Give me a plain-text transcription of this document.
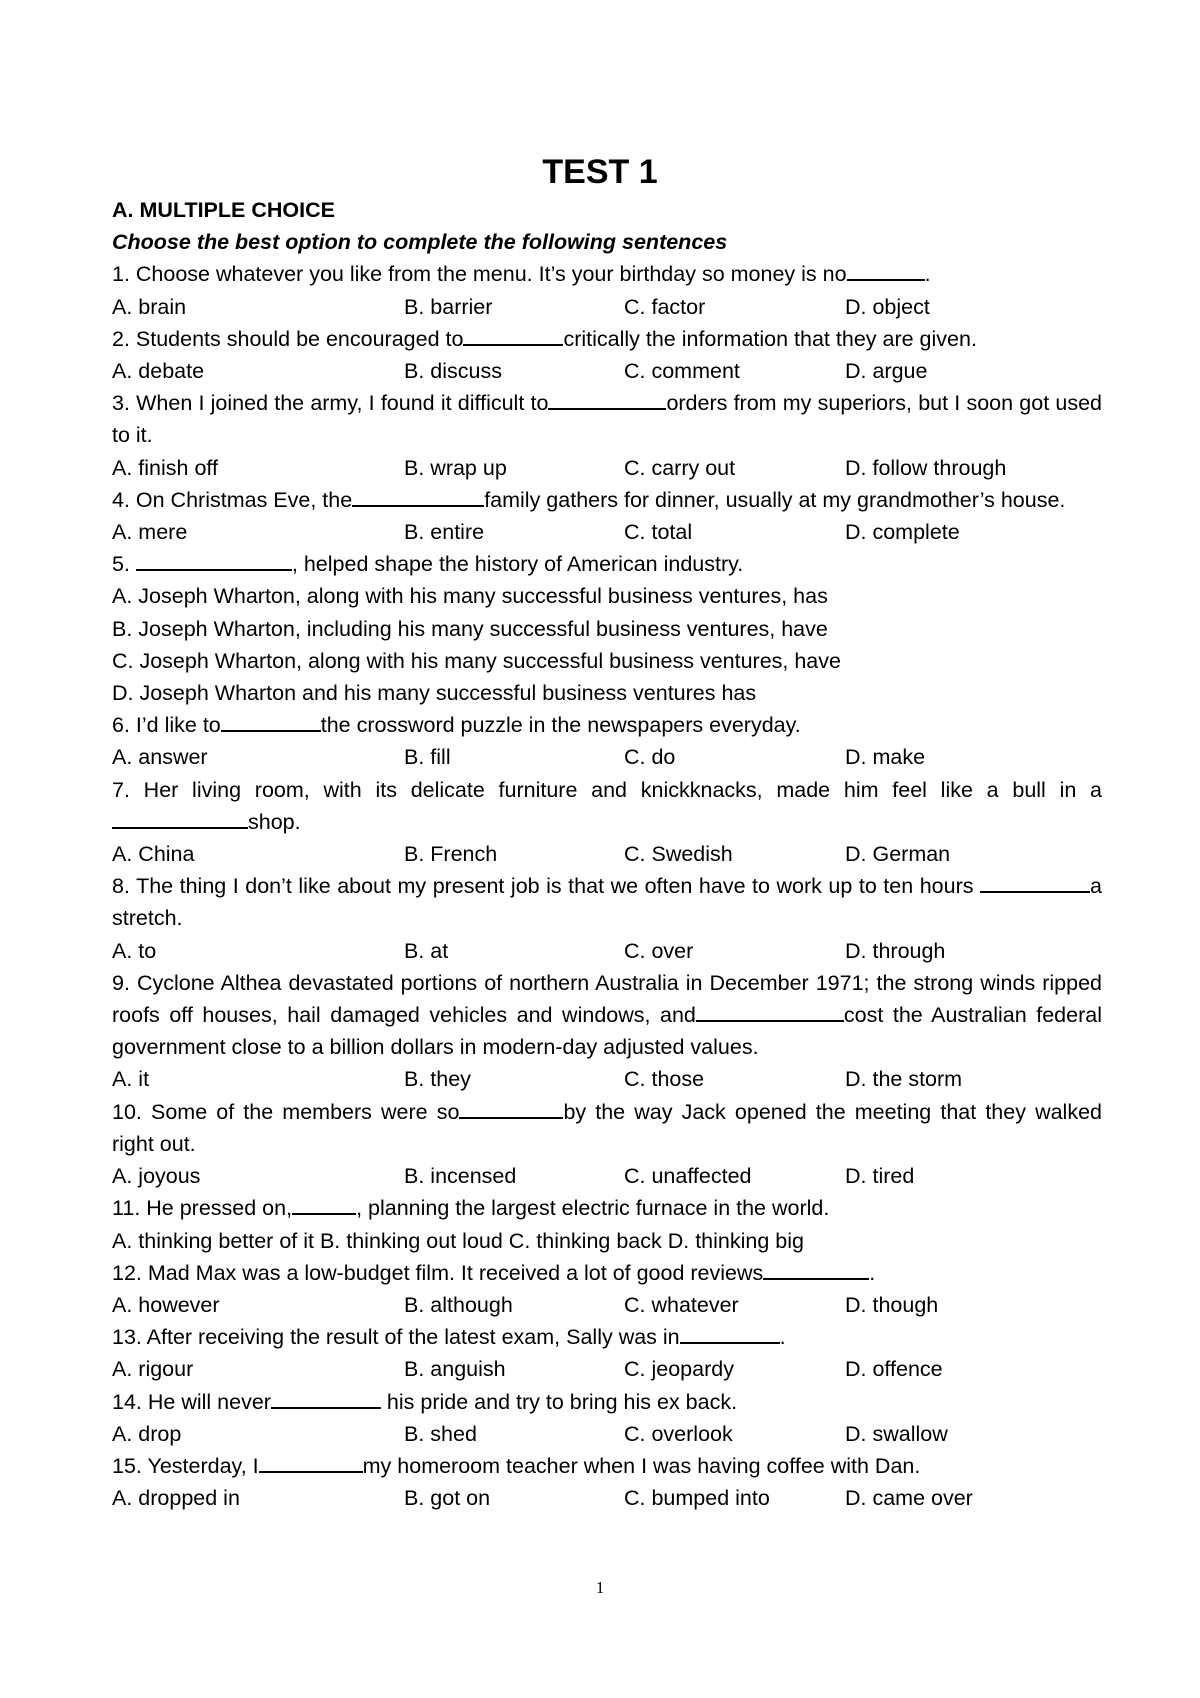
TEST 1
A. MULTIPLE CHOICE
Choose the best option to complete the following sentences
1. Choose whatever you like from the menu. It’s your birthday so money is no	.
A. brain	B. barrier	C. factor	D. object
2. Students should be encouraged to	critically the information that they are given.
A. debate	B. discuss	C. comment	D. argue
3. When I joined the army, I found it difficult to	orders from my superiors, but I soon got used to it.
A. finish off	B. wrap up	C. carry out	D. follow through
4. On Christmas Eve, the	family gathers for dinner, usually at my grandmother’s house.
A. mere	B. entire	C. total	D. complete
5.	, helped shape the history of American industry.
A. Joseph Wharton, along with his many successful business ventures, has
B. Joseph Wharton, including his many successful business ventures, have
C. Joseph Wharton, along with his many successful business ventures, have
D. Joseph Wharton and his many successful business ventures has
6. I’d like to	the crossword puzzle in the newspapers everyday.
A. answer	B. fill	C. do	D. make
7. Her living room, with its delicate furniture and knickknacks, made him feel like a bull in a shop.
A. China	B. French	C. Swedish	D. German
8. The thing I don’t like about my present job is that we often have to work up to ten hours	a stretch.
A. to	B. at	C. over	D. through
9. Cyclone Althea devastated portions of northern Australia in December 1971; the strong winds ripped roofs off houses, hail damaged vehicles and windows, and	cost the Australian federal government close to a billion dollars in modern-day adjusted values.
A. it	B. they	C. those	D. the storm
10. Some of the members were so	by the way Jack opened the meeting that they walked right out.
A. joyous	B. incensed	C. unaffected	D. tired
11. He pressed on,	, planning the largest electric furnace in the world.
A. thinking better of it B. thinking out loud C. thinking back D. thinking big
12. Mad Max was a low-budget film. It received a lot of good reviews	.
A. however	B. although	C. whatever	D. though
13. After receiving the result of the latest exam, Sally was in	.
A. rigour	B. anguish	C. jeopardy	D. offence
14. He will never	his pride and try to bring his ex back.
A. drop	B. shed	C. overlook	D. swallow
15. Yesterday, I	my homeroom teacher when I was having coffee with Dan.
A. dropped in	B. got on	C. bumped into	D. came over
1
